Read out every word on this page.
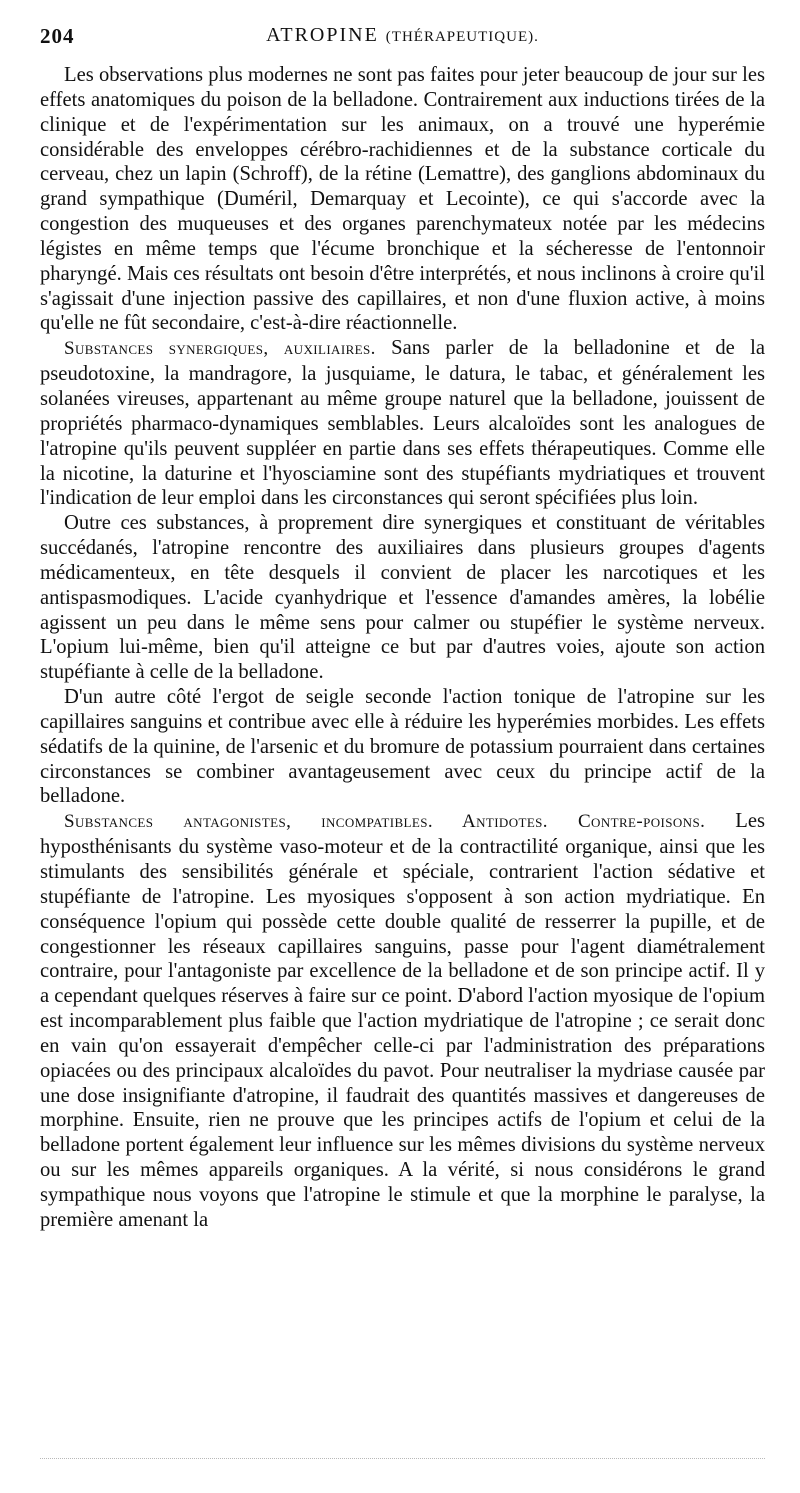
204	ATROPINE (THÉRAPEUTIQUE).

Les observations plus modernes ne sont pas faites pour jeter beaucoup de jour sur les effets anatomiques du poison de la belladone. Contrairement aux inductions tirées de la clinique et de l'expérimentation sur les animaux, on a trouvé une hyperémie considérable des enveloppes cérébro-rachidiennes et de la substance corticale du cerveau, chez un lapin (Schroff), de la rétine (Lemattre), des ganglions abdominaux du grand sympathique (Duméril, Demarquay et Lecointe), ce qui s'accorde avec la congestion des muqueuses et des organes parenchymateux notée par les médecins légistes en même temps que l'écume bronchique et la sécheresse de l'entonnoir pharyngé. Mais ces résultats ont besoin d'être interprétés, et nous inclinons à croire qu'il s'agissait d'une injection passive des capillaires, et non d'une fluxion active, à moins qu'elle ne fût secondaire, c'est-à-dire réactionnelle.

Substances synergiques, auxiliaires. Sans parler de la belladonine et de la pseudotoxine, la mandragore, la jusquiame, le datura, le tabac, et généralement les solanées vireuses, appartenant au même groupe naturel que la belladone, jouissent de propriétés pharmaco-dynamiques semblables. Leurs alcaloïdes sont les analogues de l'atropine qu'ils peuvent suppléer en partie dans ses effets thérapeutiques. Comme elle la nicotine, la daturine et l'hyosciamine sont des stupéfiants mydriatiques et trouvent l'indication de leur emploi dans les circonstances qui seront spécifiées plus loin.

Outre ces substances, à proprement dire synergiques et constituant de véritables succédanés, l'atropine rencontre des auxiliaires dans plusieurs groupes d'agents médicamenteux, en tête desquels il convient de placer les narcotiques et les antispasmodiques. L'acide cyanhydrique et l'essence d'amandes amères, la lobélie agissent un peu dans le même sens pour calmer ou stupéfier le système nerveux. L'opium lui-même, bien qu'il atteigne ce but par d'autres voies, ajoute son action stupéfiante à celle de la belladone.

D'un autre côté l'ergot de seigle seconde l'action tonique de l'atropine sur les capillaires sanguins et contribue avec elle à réduire les hyperémies morbides. Les effets sédatifs de la quinine, de l'arsenic et du bromure de potassium pourraient dans certaines circonstances se combiner avantageusement avec ceux du principe actif de la belladone.

Substances antagonistes, incompatibles. Antidotes. Contre-poisons. Les hyposthénisants du système vaso-moteur et de la contractilité organique, ainsi que les stimulants des sensibilités générale et spéciale, contrarient l'action sédative et stupéfiante de l'atropine. Les myosiques s'opposent à son action mydriatique. En conséquence l'opium qui possède cette double qualité de resserrer la pupille, et de congestionner les réseaux capillaires sanguins, passe pour l'agent diamétralement contraire, pour l'antagoniste par excellence de la belladone et de son principe actif. Il y a cependant quelques réserves à faire sur ce point. D'abord l'action myosique de l'opium est incomparablement plus faible que l'action mydriatique de l'atropine ; ce serait donc en vain qu'on essayerait d'empêcher celle-ci par l'administration des préparations opiacées ou des principaux alcaloïdes du pavot. Pour neutraliser la mydriase causée par une dose insignifiante d'atropine, il faudrait des quantités massives et dangereuses de morphine. Ensuite, rien ne prouve que les principes actifs de l'opium et celui de la belladone portent également leur influence sur les mêmes divisions du système nerveux ou sur les mêmes appareils organiques. A la vérité, si nous considérons le grand sympathique nous voyons que l'atropine le stimule et que la morphine le paralyse, la première amenant la
